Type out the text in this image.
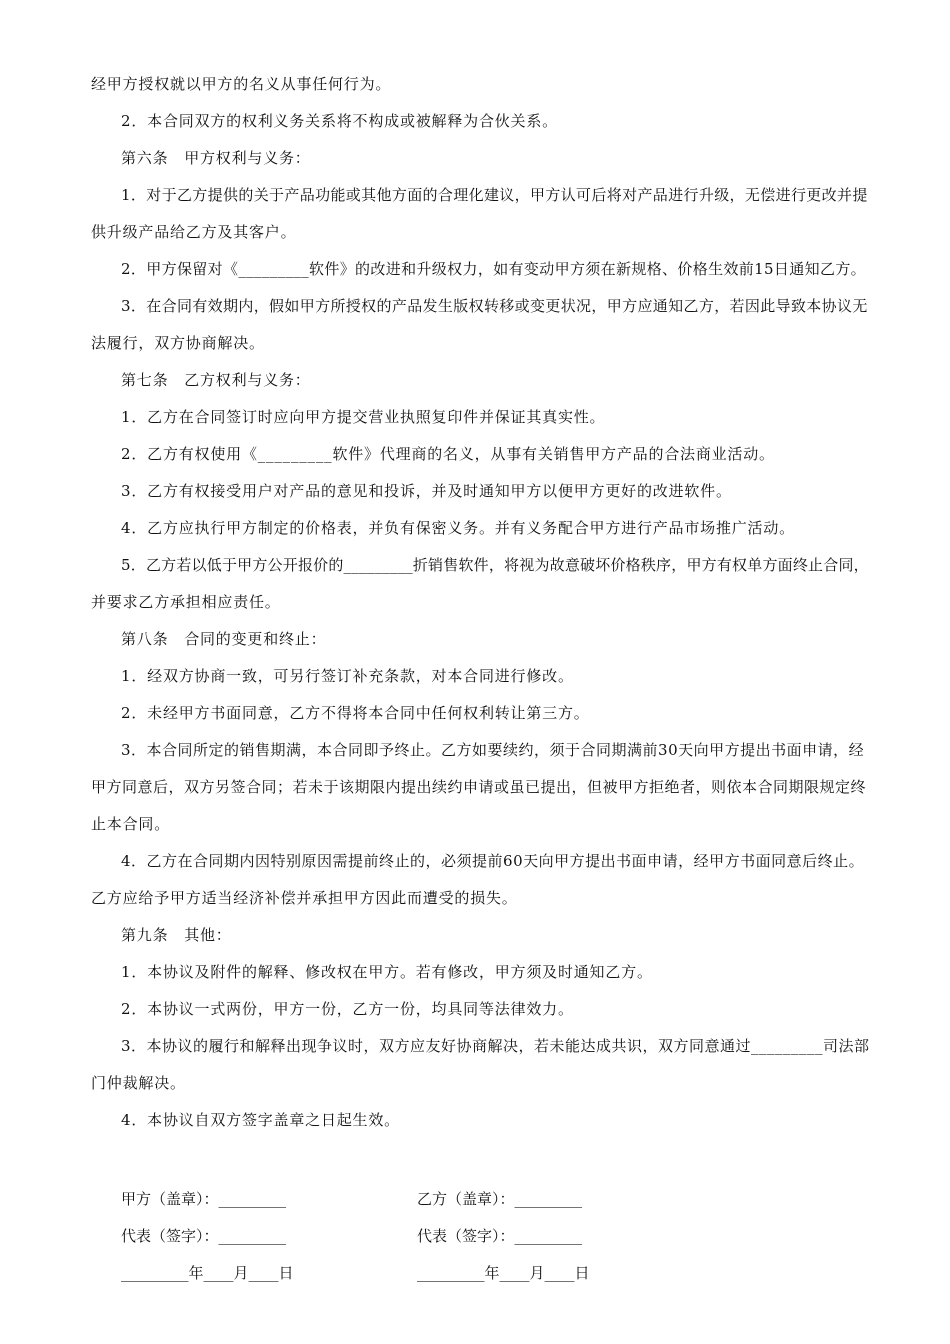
经甲方授权就以甲方的名义从事任何行为。
2．本合同双方的权利义务关系将不构成或被解释为合伙关系。
第六条　甲方权利与义务：
1．对于乙方提供的关于产品功能或其他方面的合理化建议，甲方认可后将对产品进行升级，无偿进行更改并提
供升级产品给乙方及其客户。
2．甲方保留对《_________软件》的改进和升级权力，如有变动甲方须在新规格、价格生效前15日通知乙方。
3．在合同有效期内，假如甲方所授权的产品发生版权转移或变更状况，甲方应通知乙方，若因此导致本协议无
法履行，双方协商解决。
第七条　乙方权利与义务：
1．乙方在合同签订时应向甲方提交营业执照复印件并保证其真实性。
2．乙方有权使用《_________软件》代理商的名义，从事有关销售甲方产品的合法商业活动。
3．乙方有权接受用户对产品的意见和投诉，并及时通知甲方以便甲方更好的改进软件。
4．乙方应执行甲方制定的价格表，并负有保密义务。并有义务配合甲方进行产品市场推广活动。
5．乙方若以低于甲方公开报价的_________折销售软件，将视为故意破坏价格秩序，甲方有权单方面终止合同，
并要求乙方承担相应责任。
第八条　合同的变更和终止：
1．经双方协商一致，可另行签订补充条款，对本合同进行修改。
2．未经甲方书面同意，乙方不得将本合同中任何权利转让第三方。
3．本合同所定的销售期满，本合同即予终止。乙方如要续约，须于合同期满前30天向甲方提出书面申请，经
甲方同意后，双方另签合同；若未于该期限内提出续约申请或虽已提出，但被甲方拒绝者，则依本合同期限规定终
止本合同。
4．乙方在合同期内因特别原因需提前终止的，必须提前60天向甲方提出书面申请，经甲方书面同意后终止。
乙方应给予甲方适当经济补偿并承担甲方因此而遭受的损失。
第九条　其他：
1．本协议及附件的解释、修改权在甲方。若有修改，甲方须及时通知乙方。
2．本协议一式两份，甲方一份，乙方一份，均具同等法律效力。
3．本协议的履行和解释出现争议时，双方应友好协商解决，若未能达成共识，双方同意通过_________司法部
门仲裁解决。
4．本协议自双方签字盖章之日起生效。
甲方（盖章）：_________	乙方（盖章）：_________
代表（签字）：_________	代表（签字）：_________
_________年____月____日	_________年____月____日
